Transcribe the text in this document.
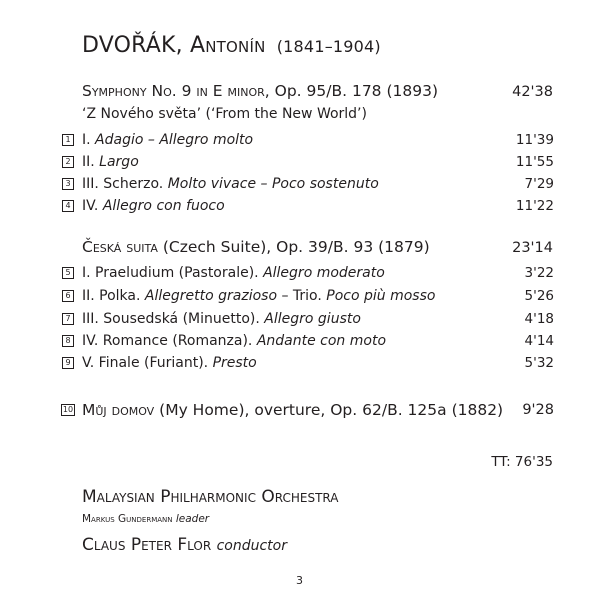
DVOŘÁK, Antonín (1841–1904)
Symphony No. 9 in E minor, Op. 95/B. 178 (1893)	42'38
‘Z Nového světa’ (‘From the New World’)
1 I. Adagio – Allegro molto	11'39
2 II. Largo	11'55
3 III. Scherzo. Molto vivace – Poco sostenuto	7'29
4 IV. Allegro con fuoco	11'22
Česká suita (Czech Suite), Op. 39/B. 93 (1879)	23'14
5 I. Praeludium (Pastorale). Allegro moderato	3'22
6 II. Polka. Allegretto grazioso – Trio. Poco più mosso	5'26
7 III. Sousedská (Minuetto). Allegro giusto	4'18
8 IV. Romance (Romanza). Andante con moto	4'14
9 V. Finale (Furiant). Presto	5'32
10 Můj domov (My Home), overture, Op. 62/B. 125a (1882) 9'28
TT: 76'35
Malaysian Philharmonic Orchestra
Markus Gundermann leader
Claus Peter Flor conductor
3
